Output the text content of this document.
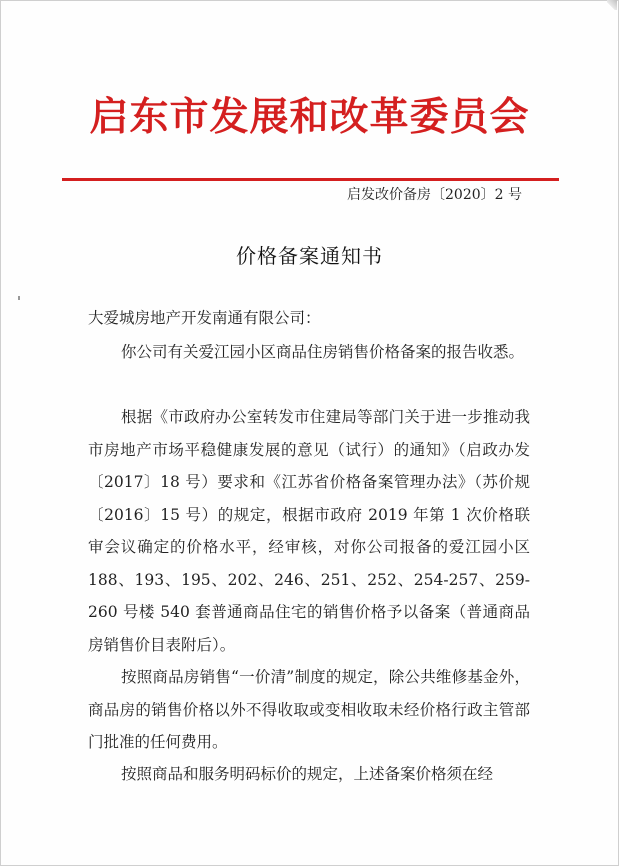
启东市发展和改革委员会
启发改价备房〔2020〕2 号
价格备案通知书
大爱城房地产开发南通有限公司：

你公司有关爱江园小区商品住房销售价格备案的报告收悉。

根据《市政府办公室转发市住建局等部门关于进一步推动我市房地产市场平稳健康发展的意见（试行）的通知》（启政办发〔2017〕18 号）要求和《江苏省价格备案管理办法》（苏价规〔2016〕15 号）的规定，根据市政府 2019 年第 1 次价格联审会议确定的价格水平，经审核，对你公司报备的爱江园小区 188、193、195、202、246、251、252、254-257、259-260 号楼 540 套普通商品住宅的销售价格予以备案（普通商品房销售价目表附后）。

按照商品房销售“一价清”制度的规定，除公共维修基金外，商品房的销售价格以外不得收取或变相收取未经价格行政主管部门批准的任何费用。

按照商品和服务明码标价的规定，上述备案价格须在经
